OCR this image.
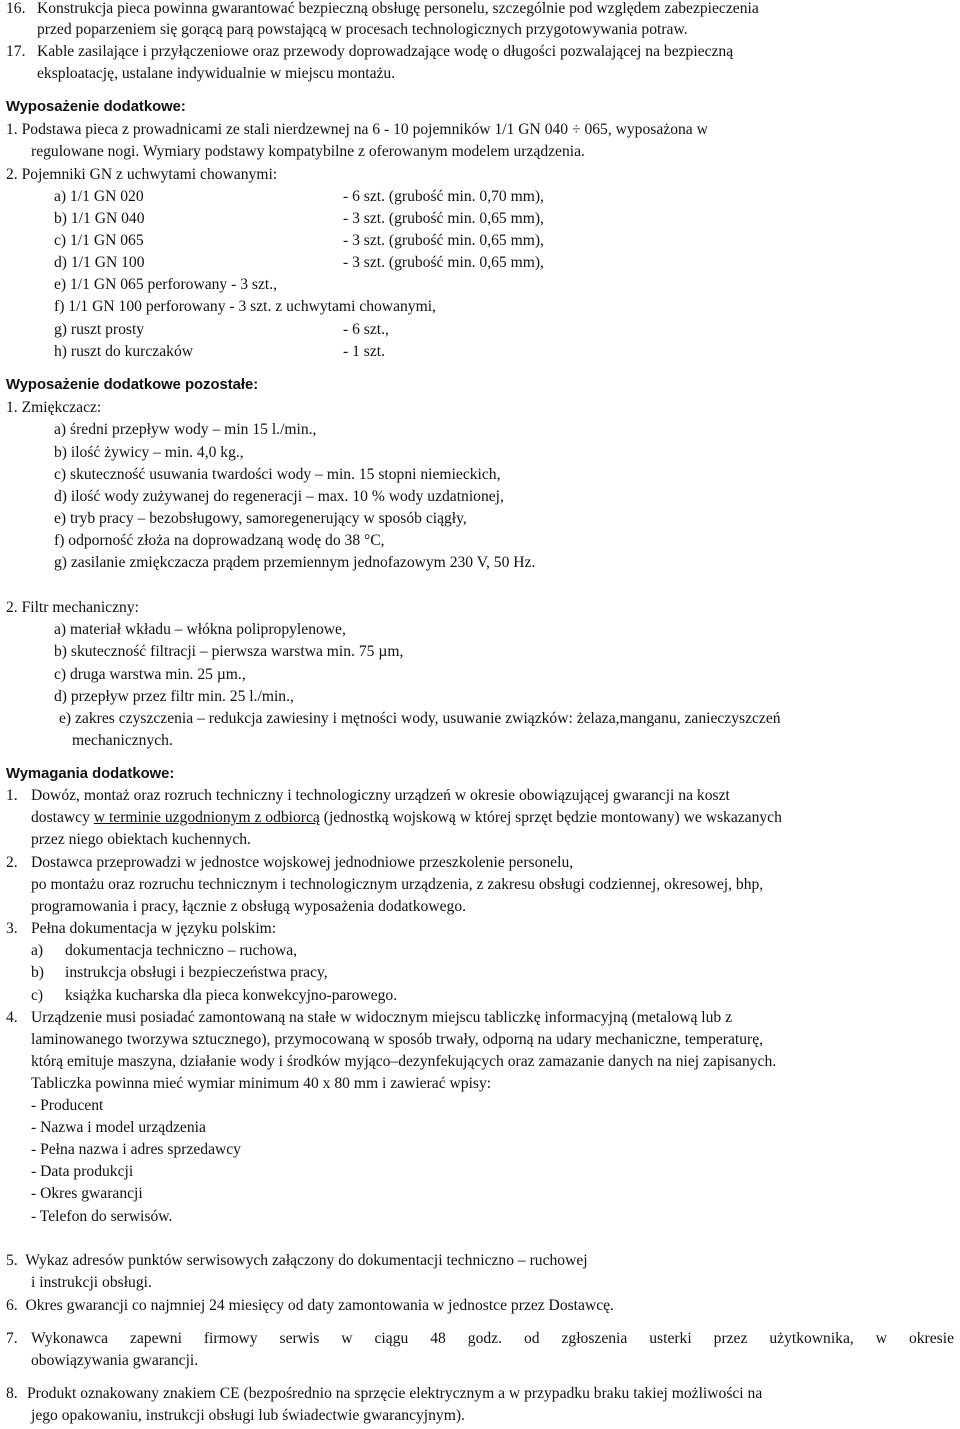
16. Konstrukcja pieca powinna gwarantować bezpieczną obsługę personelu, szczególnie pod względem zabezpieczenia
przed poparzeniem się gorącą parą powstającą w procesach technologicznych przygotowywania potraw.
17. Kable zasilające i przyłączeniowe oraz przewody doprowadzające wodę o długości pozwalającej na bezpieczną
eksploatację, ustalane indywidualnie w miejscu montażu.
Wyposażenie dodatkowe:
1. Podstawa pieca z prowadnicami ze stali nierdzewnej na 6 - 10 pojemników 1/1 GN 040 ÷ 065, wyposażona w
regulowane nogi. Wymiary podstawy kompatybilne z oferowanym modelem urządzenia.
2. Pojemniki GN z uchwytami chowanymi:
a) 1/1 GN 020	- 6 szt. (grubość min. 0,70 mm),
b) 1/1 GN 040	- 3 szt. (grubość min. 0,65 mm),
c) 1/1 GN 065	- 3 szt. (grubość min. 0,65 mm),
d) 1/1 GN 100	- 3 szt. (grubość min. 0,65 mm),
e) 1/1 GN 065 perforowany - 3 szt.,
f) 1/1 GN 100 perforowany - 3 szt. z uchwytami chowanymi,
g) ruszt prosty	- 6 szt.,
h) ruszt do kurczaków	- 1 szt.
Wyposażenie dodatkowe pozostałe:
1. Zmiękczacz:
a) średni przepływ wody – min 15 l./min.,
b) ilość żywicy – min. 4,0 kg.,
c) skuteczność usuwania twardości wody – min. 15 stopni niemieckich,
d) ilość wody zużywanej do regeneracji – max. 10 % wody uzdatnionej,
e) tryb pracy – bezobsługowy, samoregenerujący w sposób ciągły,
f) odporność złoża na doprowadzaną wodę do 38 °C,
g) zasilanie zmiękczacza prądem przemiennym jednofazowym 230 V, 50 Hz.
2. Filtr mechaniczny:
a) materiał wkładu – włókna polipropylenowe,
b) skuteczność filtracji – pierwsza warstwa min. 75 µm,
c) druga warstwa min. 25 µm.,
d) przepływ przez filtr min. 25 l./min.,
e) zakres czyszczenia – redukcja zawiesiny i mętności wody, usuwanie związków: żelaza,manganu, zanieczyszczeń
mechanicznych.
Wymagania dodatkowe:
1. Dowóz, montaż oraz rozruch techniczny i technologiczny urządzeń w okresie obowiązującej gwarancji na koszt
dostawcy w terminie uzgodnionym z odbiorcą (jednostką wojskową w której sprzęt będzie montowany) we wskazanych
przez niego obiektach kuchennych.
2. Dostawca przeprowadzi w jednostce wojskowej jednodniowe przeszkolenie personelu,
po montażu oraz rozruchu technicznym i technologicznym urządzenia, z zakresu obsługi codziennej, okresowej, bhp,
programowania i pracy, łącznie z obsługą wyposażenia dodatkowego.
3. Pełna dokumentacja w języku polskim:
a) dokumentacja techniczno – ruchowa,
b) instrukcja obsługi i bezpieczeństwa pracy,
c) książka kucharska dla pieca konwekcyjno-parowego.
4. Urządzenie musi posiadać zamontowaną na stałe w widocznym miejscu tabliczkę informacyjną (metalową lub z
laminowanego tworzywa sztucznego), przymocowaną w sposób trwały, odporną na udary mechaniczne, temperaturę,
którą emituje maszyna, działanie wody i środków myjąco–dezynfekujących oraz zamazanie danych na niej zapisanych.
Tabliczka powinna mieć wymiar minimum 40 x 80 mm i zawierać wpisy:
- Producent
- Nazwa i model urządzenia
- Pełna nazwa i adres sprzedawcy
- Data produkcji
- Okres gwarancji
- Telefon do serwisów.
5.  Wykaz adresów punktów serwisowych załączony do dokumentacji techniczno – ruchowej
i instrukcji obsługi.
6.  Okres gwarancji co najmniej 24 miesięcy od daty zamontowania w jednostce przez Dostawcę.
7. Wykonawca zapewni firmowy serwis w ciągu 48 godz. od zgłoszenia usterki przez użytkownika, w okresie
obowiązywania gwarancji.
8. Produkt oznakowany znakiem CE (bezpośrednio na sprzęcie elektrycznym a w przypadku braku takiej możliwości na
jego opakowaniu, instrukcji obsługi lub świadectwie gwarancyjnym).
